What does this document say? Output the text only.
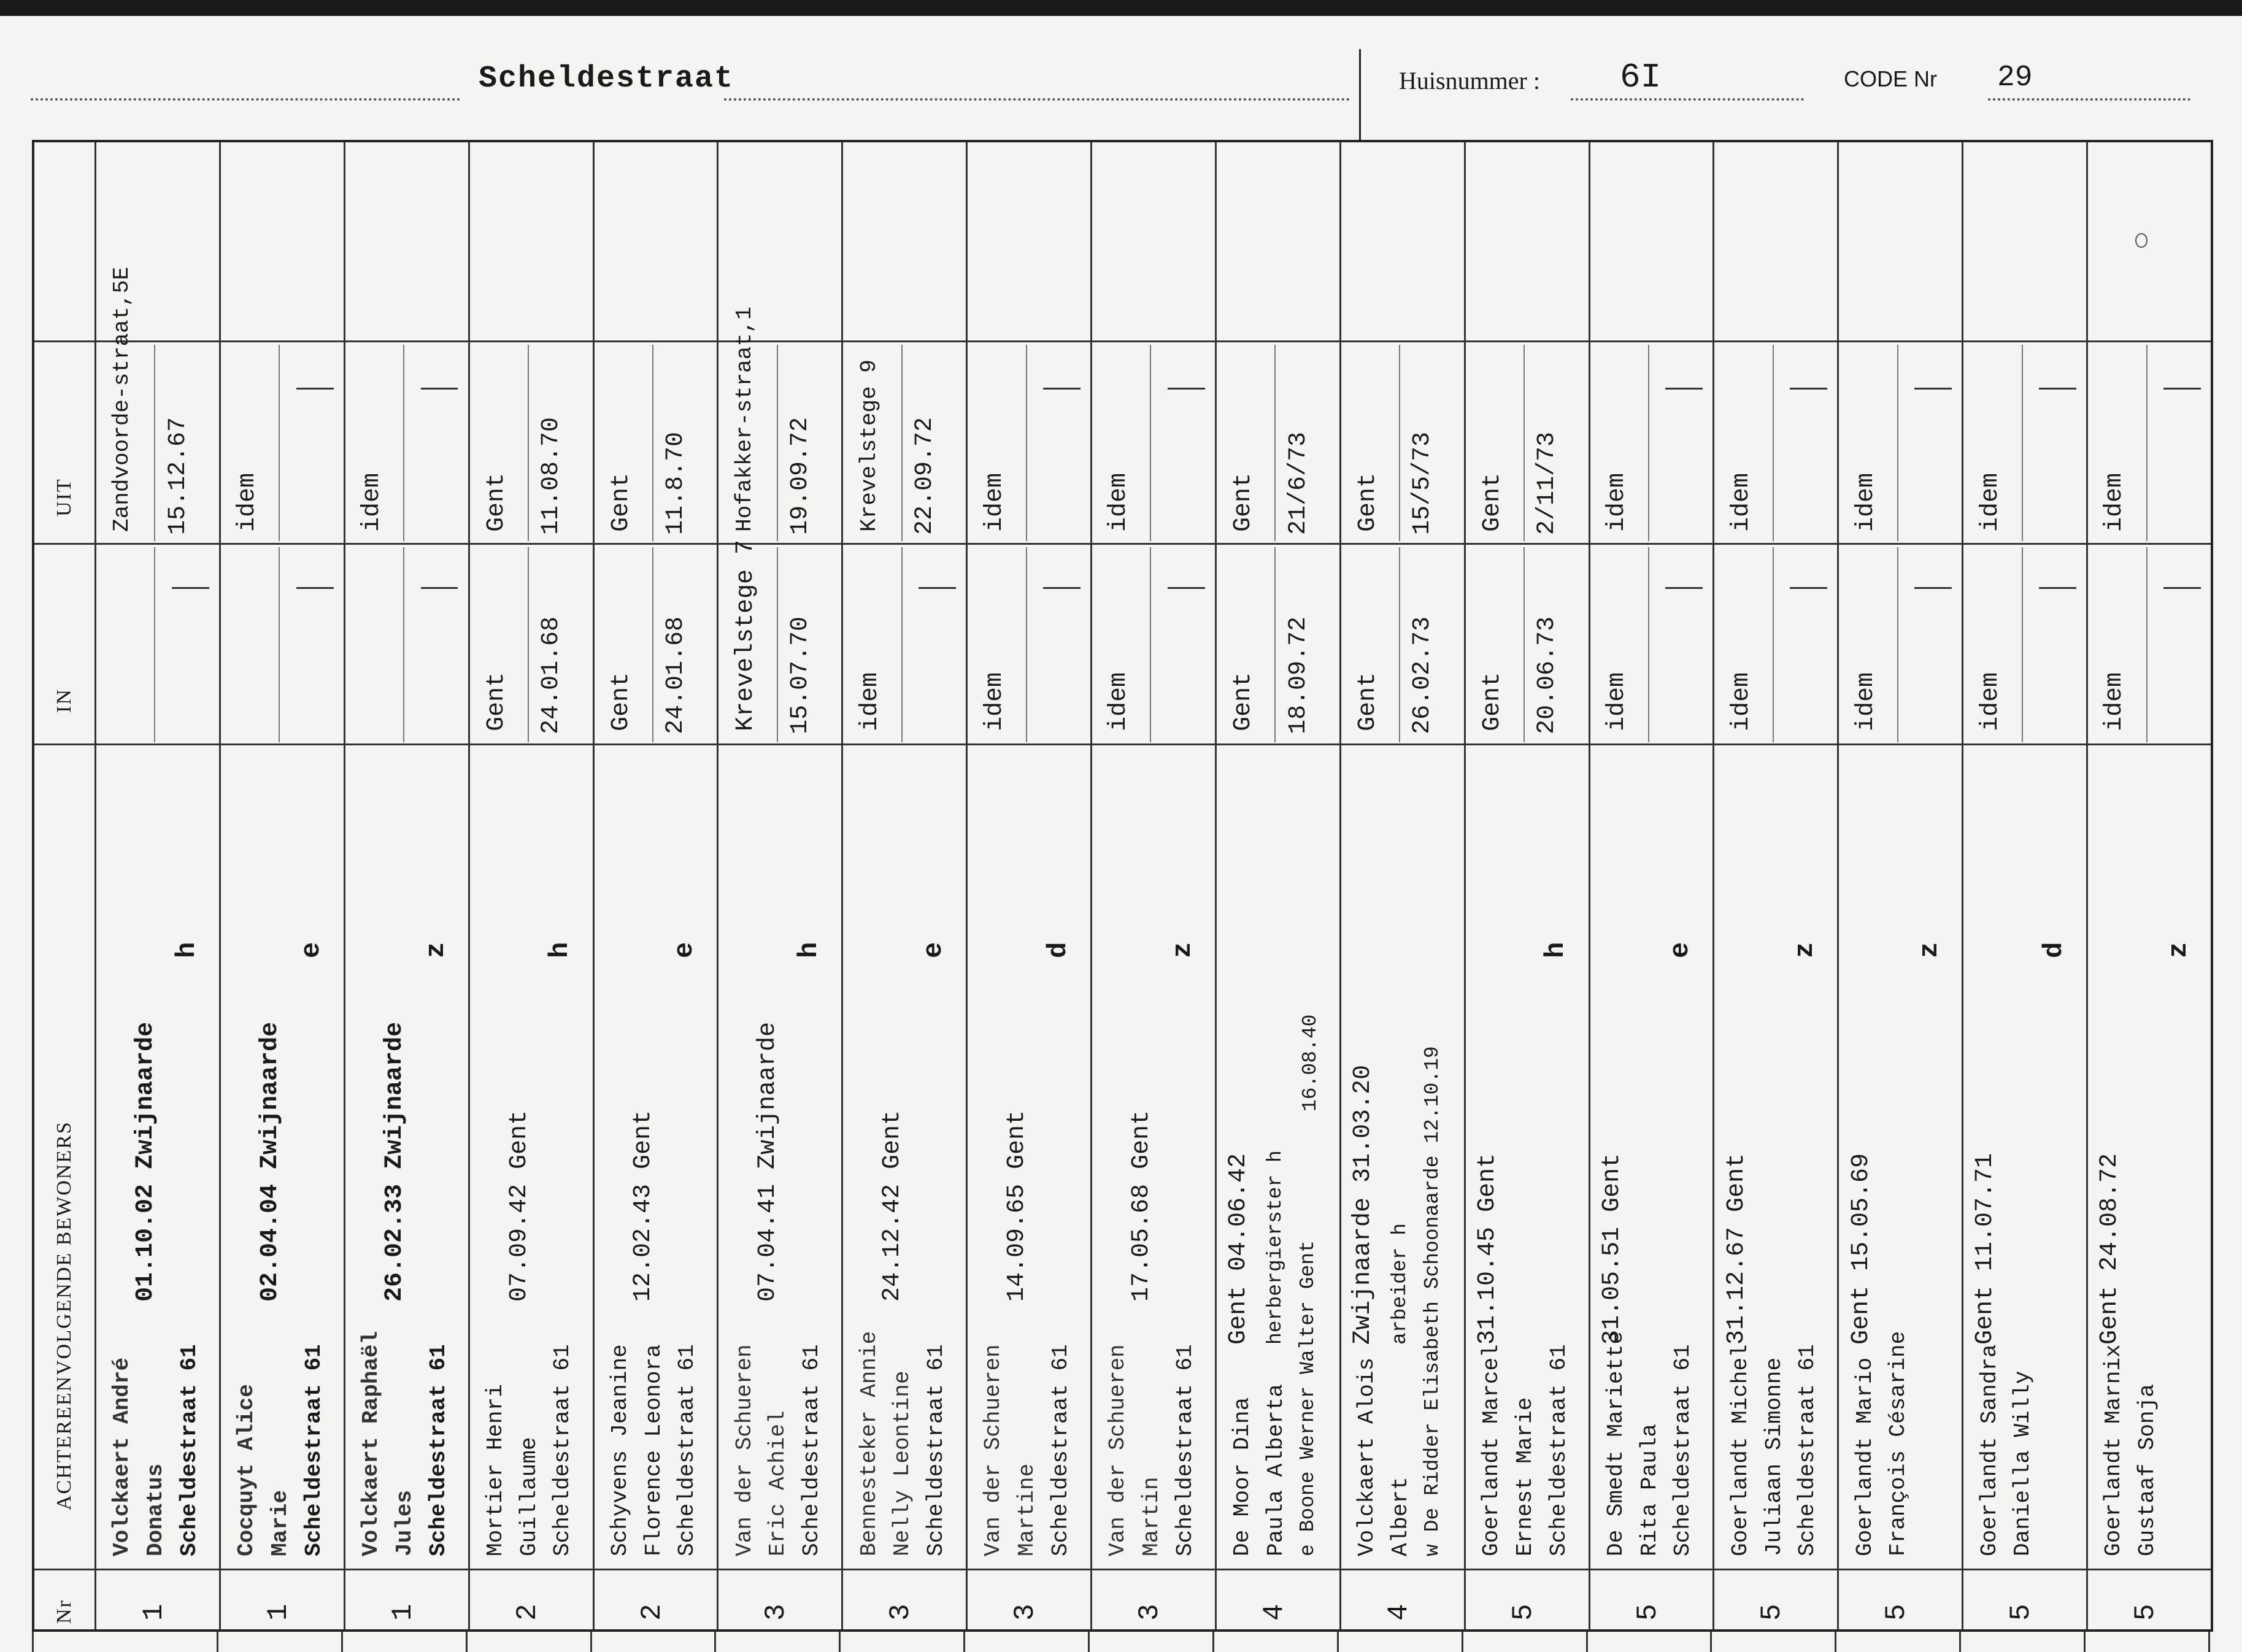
Scheldestraat	Huisnummer : 6I	CODE Nr 29
UIT
IN
ACHTEREENVOLGENDE BEWONERS
Nr 1
Volckaert André Donatus Scheldestraat 61
01.10.02 Zwijnaarde
h
Zandvoorde-straat,5E 15.12.67
1
Cocquyt Alice Marie Scheldestraat 61
02.04.04 Zwijnaarde
e
idem
1
Volckaert Raphaël Jules Scheldestraat 61
26.02.33 Zwijnaarde
z
idem
2
Mortier Henri Guillaume Scheldestraat 61
07.09.42 Gent
h
Gent 24.01.68
Gent 11.08.70
2
Schyvens Jeanine Florence Leonora Scheldestraat 61
12.02.43 Gent
e
Gent 24.01.68
Gent 11.8.70
3
Van der Schueren Eric Achiel Scheldestraat 61
07.04.41 Zwijnaarde
h
Krevelstege 7 15.07.70
Hofakker-straat,1 19.09.72
3
Bennesteker Annie Nelly Leontine Scheldestraat 61
24.12.42 Gent
e
idem
Krevelstege 9 22.09.72
3
Van der Schueren Martine Scheldestraat 61
14.09.65 Gent
d
idem
idem
3
Van der Schueren Martin Scheldestraat 61
17.05.68 Gent
z
idem
idem
4
De Moor Dina Paula Alberta e Boone Werner Walter Gent
Gent 04.06.42 herbergierster h
16.08.40
Gent 18.09.72
Gent 21/6/73
4
Volckaert Alois Albert w De Ridder Elisabeth Schoonaarde 12.10.19
Zwijnaarde 31.03.20 arbeider h
Gent 26.02.73
Gent 15/5/73
5
Goerlandt Marcel Ernest Marie Scheldestraat 61
31.10.45 Gent
h
Gent 20.06.73
Gent 2/11/73
5
De Smedt Mariette Rita Paula Scheldestraat 61
31.05.51 Gent
e
idem
idem
5
Goerlandt Michel Juliaan Simonne Scheldestraat 61
31.12.67 Gent
z
idem
idem
5
Goerlandt Mario François Césarine
Gent 15.05.69
z
idem
idem
5
Goerlandt Sandra Daniella Willy
Gent 11.07.71
d
idem
idem
5
Goerlandt Marnix Gustaaf Sonja
Gent 24.08.72
z
idem
idem
